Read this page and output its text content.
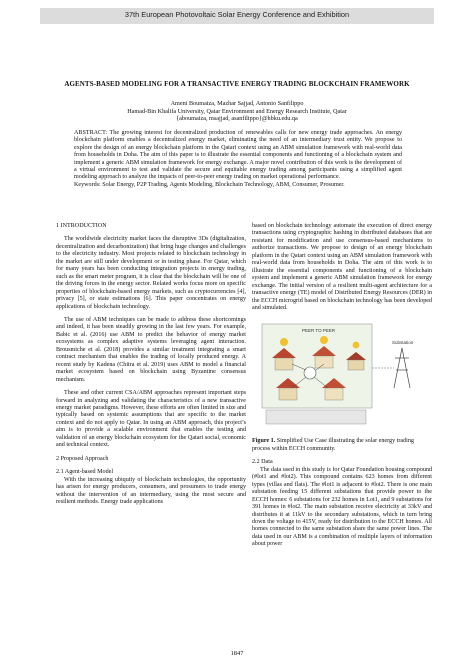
37th European Photovoltaic Solar Energy Conference and Exhibition
AGENTS-BASED MODELING FOR A TRANSACTIVE ENERGY TRADING BLOCKCHAIN FRAMEWORK
Ameni Boumaiza, Mazhar Sajjad, Antonio Sanfilippo
Hamad-Bin Khalifa University, Qatar Environment and Energy Research Institute, Qatar
{aboumaiza, msajjad, asanfilippo}@hbku.edu.qa
ABSTRACT: The growing interest for decentralized production of renewables calls for new energy trade approaches. An energy blockchain platform enables a decentralized energy market, eliminating the need of an intermediary trust entity. We propose to explore the design of an energy blockchain platform in the Qatari context using an ABM simulation framework with real-world data from households in Doha. The aim of this paper is to illustrate the essential components and functioning of a blockchain system and implement a generic ABM simulation framework for energy exchange. A major novel contribution of this work is the development of a virtual environment to test and validate the secure and equitable energy trading among participants using a simplified agent modeling approach to analyze the impacts of peer-to-peer energy trading on market operational performance.
Keywords: Solar Energy, P2P Trading, Agents Modeling, Blockchain Technology, ABM, Consumer, Prosumer.

1 INTRODUCTION

The worldwide electricity market faces the disruptive 3Ds (digitalization, decentralization and decarbonization) that bring huge changes and challenges to the electricity industry. Most projects related to blockchain technology in the market are still under development or in testing phase. For Qatar, which for many years has been conducting integration projects in energy trading, such as the smart meter program, it is clear that the blockchain will be one of the driving forces in the energy sector. Related works focus more on specific properties of blockchain-based energy markets, such as cryptocurrencies [4], privacy [5], or state estimations [6]. This paper concentrates on energy applications of blockchain technology.

The use of ABM techniques can be made to address these shortcomings and indeed, it has been steadily growing in the last few years. For example, Babic et al. (2016) use ABM to predict the behavior of energy market ecosystems as complex adaptive systems leveraging agent interaction. Brousmiche et al. (2018) provides a similar treatment integrating a smart contract mechanism that enables the trading of locally produced energy. A recent study by Kadena (Chitra et al. 2019) uses ABM to model a financial market ecosystem based on blockchain using Byzantine consensus mechanism.

These and other current CSA/ABM approaches represent important steps forward in analyzing and validating the characteristics of a new transactive energy market paradigms. However, these efforts are often limited in size and typically based on systemic assumptions that are specific to the market context and do not apply to Qatar. In using an ABM approach, this project’s aim is to provide a scalable environment that enables the testing and validation of an energy blockchain ecosystem for the Qatari social, economic and technical context.

2 Proposed Approach

2.1 Agent-based Model

With the increasing ubiquity of blockchain technologies, the opportunity has arisen for energy producers, consumers, and prosumers to trade energy without the intervention of an intermediary, using the most secure and resilient methods. Energy trade applications

based on blockchain technology automate the execution of direct energy transactions using cryptographic hashing in distributed databases that are resistant for modification and use consensus-based mechanisms to authorize transactions. We propose to design of an energy blockchain platform in the Qatari context using an ABM simulation framework with real-world data from households in Doha. The aim of this work is to illustrate the essential components and functioning of a blockchain system and implement a generic ABM simulation framework for energy exchange. The initial version of a resilient multi-agent architecture for a transactive energy (TE) model of Distributed Energy Resources (DER) in the ECCH microgrid based on blockchain technology has been developed and simulated.

PEER TO PEER
Substation

Figure 1. Simplified Use Case illustrating the solar energy trading process within ECCH community.

2.2 Data

The data used in this study is for Qatar Foundation housing compound (#lot1 and #lot2). This compound contains 623 homes from different types (villas and flats). The #lot1 is adjacent to #lot2. There is one main substation feeding 15 different substations that provide power to the ECCH homes: 6 substations for 232 homes in Lot1, and 9 substations for 391 homes in #lot2. The main substation receive electricity at 33kV and distributes it at 11kV to the secondary substations, which in turn bring down the voltage to 415V, ready for distribution to the ECCH homes. All homes connected to the same substation share the same power lines. The data used in our ABM is a combination of multiple layers of information about power

1847
